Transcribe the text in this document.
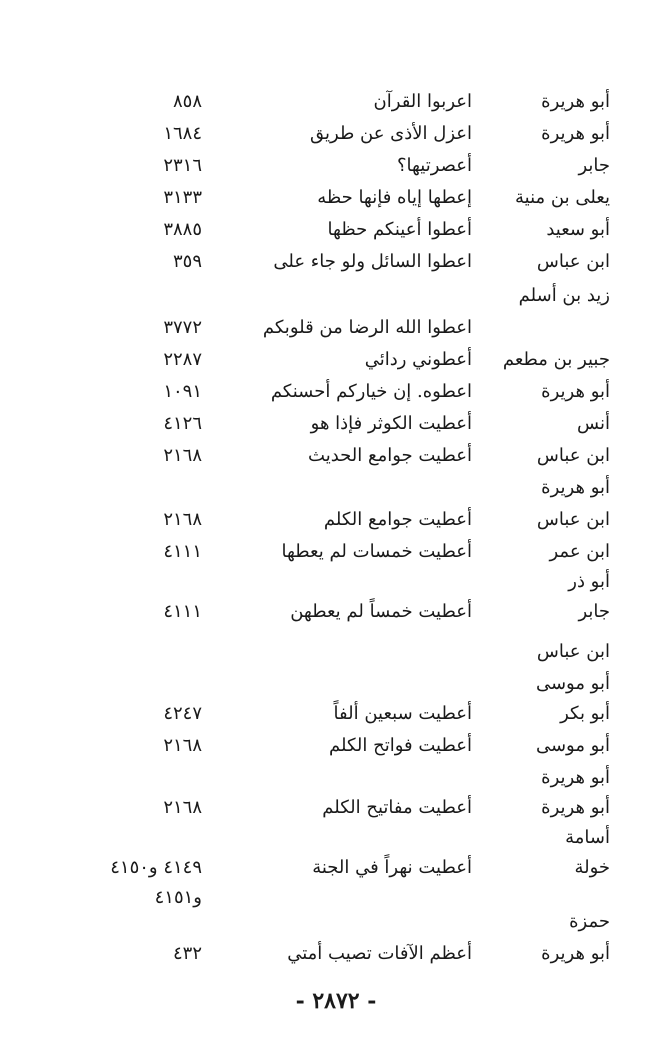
أبو هريرة
اعربوا القرآن
٨٥٨
أبو هريرة
اعزل الأذى عن طريق
١٦٨٤
جابر
أعصرتيها؟
٢٣١٦
يعلى بن منية
إعطها إياه فإنها حظه
٣١٣٣
أبو سعيد
أعطوا أعينكم حظها
٣٨٨٥
ابن عباس
اعطوا السائل ولو جاء على
٣٥٩
زيد بن أسلم
اعطوا الله الرضا من قلوبكم
٣٧٧٢
جبير بن مطعم
أعطوني ردائي
٢٢٨٧
أبو هريرة
اعطوه. إن خياركم أحسنكم
١٠٩١
أنس
أعطيت الكوثر فإذا هو
٤١٢٦
ابن عباس
أعطيت جوامع الحديث
٢١٦٨
أبو هريرة
ابن عباس
أعطيت جوامع الكلم
٢١٦٨
ابن عمر
أعطيت خمسات لم يعطها
٤١١١
أبو ذر
جابر
أعطيت خمساً لم يعطهن
٤١١١
ابن عباس
أبو موسى
أبو بكر
أعطيت سبعين ألفاً
٤٢٤٧
أبو موسى
أعطيت فواتح الكلم
٢١٦٨
أبو هريرة
أبو هريرة
أعطيت مفاتيح الكلم
٢١٦٨
أسامة
خولة
أعطيت نهراً في الجنة
٤١٤٩ و٤١٥٠
و٤١٥١
حمزة
أبو هريرة
أعظم الآفات تصيب أمتي
٤٣٢
- ٢٨٧٢ -
